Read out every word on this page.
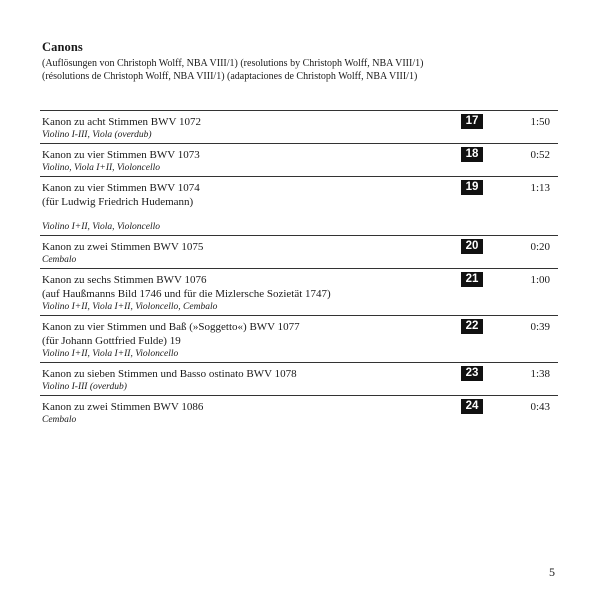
Canons
(Auflösungen von Christoph Wolff, NBA VIII/1) (resolutions by Christoph Wolff, NBA VIII/1)
(résolutions de Christoph Wolff, NBA VIII/1) (adaptaciones de Christoph Wolff, NBA VIII/1)
Kanon zu acht Stimmen BWV 1072
Violino I-III, Viola (overdub)
17	1:50
Kanon zu vier Stimmen BWV 1073
Violino, Viola I+II, Violoncello
18	0:52
Kanon zu vier Stimmen BWV 1074
(für Ludwig Friedrich Hudemann)
Violino I+II, Viola, Violoncello
19	1:13
Kanon zu zwei Stimmen BWV 1075
Cembalo
20	0:20
Kanon zu sechs Stimmen BWV 1076
(auf Haußmanns Bild 1746 und für die Mizlersche Sozietät 1747)
Violino I+II, Viola I+II, Violoncello, Cembalo
21	1:00
Kanon zu vier Stimmen und Baß (»Soggetto«) BWV 1077
(für Johann Gottfried Fulde) 19
Violino I+II, Viola I+II, Violoncello
22	0:39
Kanon zu sieben Stimmen und Basso ostinato BWV 1078
Violino I-III (overdub)
23	1:38
Kanon zu zwei Stimmen BWV 1086
Cembalo
24	0:43
5
